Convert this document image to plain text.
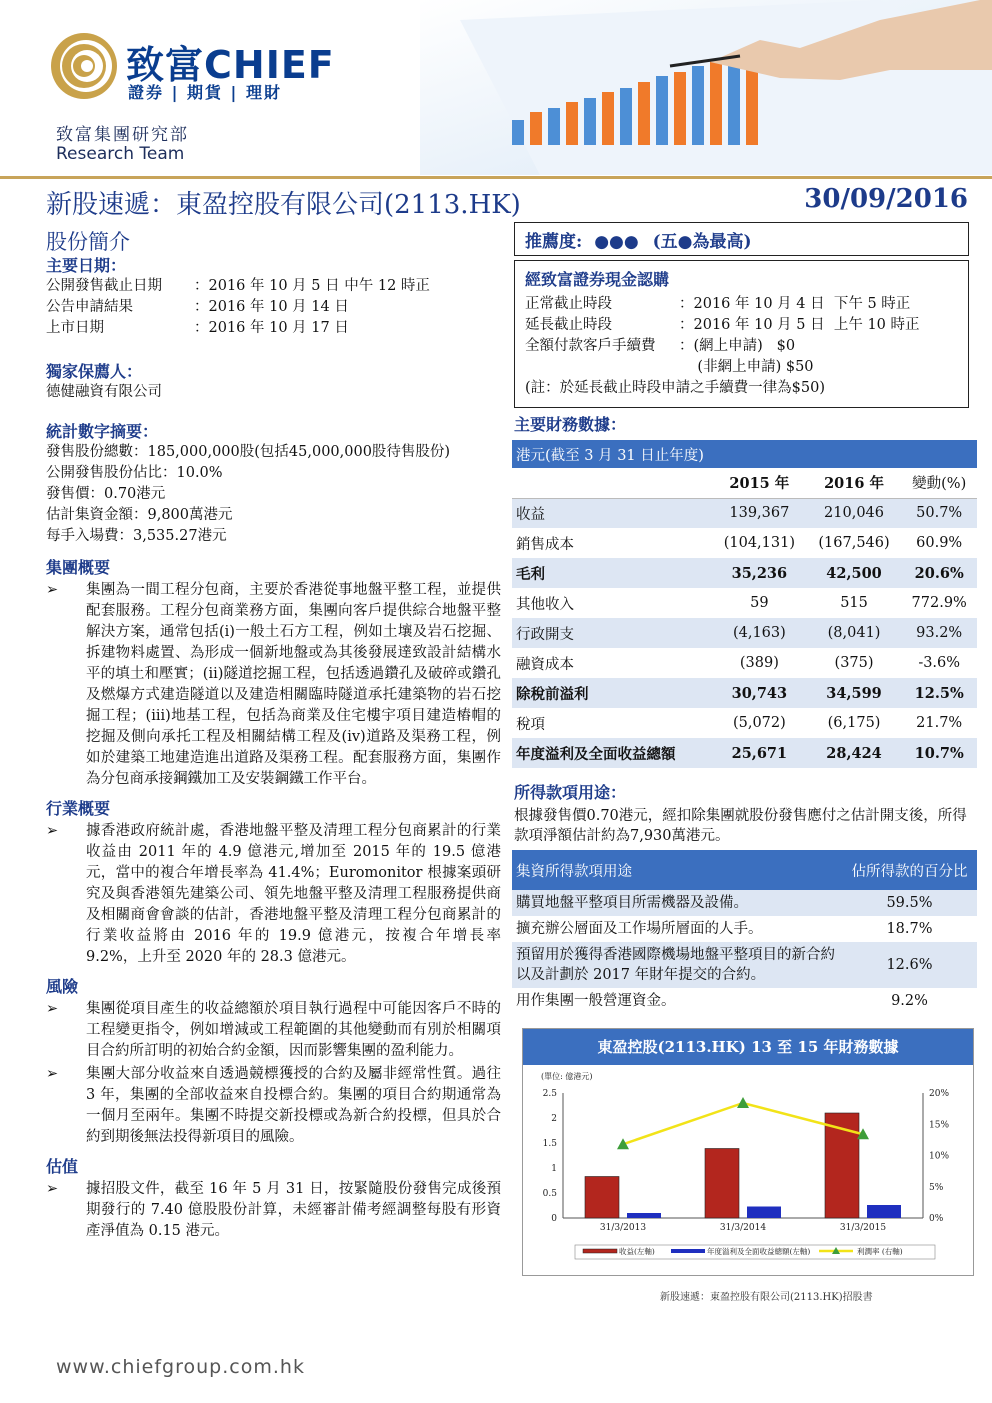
致富CHIEF
證券 | 期貨 | 理財
致富集團研究部
Research Team
新股速遞：東盈控股有限公司(2113.HK)	30/09/2016
股份簡介
主要日期：
公開發售截止日期	：2016 年 10 月 5 日 中午 12 時正
公告申請結果	：2016 年 10 月 14 日
上市日期	：2016 年 10 月 17 日
獨家保薦人：
德健融資有限公司
統計數字摘要：
發售股份總數：185,000,000股(包括45,000,000股待售股份)
公開發售股份佔比：10.0%
發售價：0.70港元
估計集資金額：9,800萬港元
每手入場費：3,535.27港元
集團概要
➢	集團為一間工程分包商，主要於香港從事地盤平整工程，並提供配套服務。工程分包商業務方面，集團向客戶提供綜合地盤平整解決方案，通常包括(i)一般土石方工程，例如土壤及岩石挖掘、拆建物料處置、為形成一個新地盤或為其後發展達致設計結構水平的填土和壓實；(ii)隧道挖掘工程，包括透過鑽孔及破碎或鑽孔及燃爆方式建造隧道以及建造相關臨時隧道承托建築物的岩石挖掘工程；(iii)地基工程，包括為商業及住宅樓宇項目建造樁帽的挖掘及側向承托工程及相關結構工程及(iv)道路及渠務工程，例如於建築工地建造進出道路及渠務工程。配套服務方面，集團作為分包商承接鋼鐵加工及安裝鋼鐵工作平台。
行業概要
➢	據香港政府統計處，香港地盤平整及清理工程分包商累計的行業收益由 2011 年的 4.9 億港元,增加至 2015 年的 19.5 億港元，當中的複合年增長率為 41.4%；Euromonitor 根據案頭研究及與香港領先建築公司、領先地盤平整及清理工程服務提供商及相關商會會談的估計，香港地盤平整及清理工程分包商累計的行業收益將由 2016 年的 19.9 億港元，按複合年增長率 9.2%，上升至 2020 年的 28.3 億港元。
風險
➢	集團從項目產生的收益總額於項目執行過程中可能因客戶不時的工程變更指令，例如增減或工程範圍的其他變動而有別於相關項目合約所訂明的初始合約金額，因而影響集團的盈利能力。
➢	集團大部分收益來自透過競標獲授的合約及屬非經常性質。過往 3 年，集團的全部收益來自投標合約。集團的項目合約期通常為一個月至兩年。集團不時提交新投標或為新合約投標，但具於合約到期後無法投得新項目的風險。
估值
➢	據招股文件，截至 16 年 5 月 31 日，按緊隨股份發售完成後預期發行的 7.40 億股股份計算，未經審計備考經調整每股有形資產淨值為 0.15 港元。
推薦度: ●●● (五●為最高)
經致富證券現金認購
正常截止時段	：2016 年 10 月 4 日  下午 5 時正
延長截止時段	：2016 年 10 月 5 日  上午 10 時正
全額付款客戶手續費	：(網上申請)   $0
(非網上申請) $50
(註：於延長截止時段申請之手續費一律為$50)
主要財務數據：
港元(截至 3 月 31 日止年度)			
	2015 年	2016 年	變動(%)
收益	139,367	210,046	50.7%
銷售成本	(104,131)	(167,546)	60.9%
毛利	35,236	42,500	20.6%
其他收入	59	515	772.9%
行政開支	(4,163)	(8,041)	93.2%
融資成本	(389)	(375)	-3.6%
除稅前溢利	30,743	34,599	12.5%
稅項	(5,072)	(6,175)	21.7%
年度溢利及全面收益總額	25,671	28,424	10.7%
所得款項用途：
根據發售價0.70港元，經扣除集團就股份發售應付之估計開支後，所得款項淨額估計約為7,930萬港元。
集資所得款項用途	佔所得款的百分比
購買地盤平整項目所需機器及設備。	59.5%
擴充辦公層面及工作場所層面的人手。	18.7%
預留用於獲得香港國際機場地盤平整項目的新合約以及計劃於 2017 年財年提交的合約。	12.6%
用作集團一般營運資金。	9.2%
東盈控股(2113.HK) 13 至 15 年財務數據
(單位: 億港元)
0
0.5
1
1.5
2
2.5
0%
5%
10%
15%
20%
31/3/2013	31/3/2014	31/3/2015
收益(左軸)	年度溢利及全面收益總額(左軸)	利潤率 (右軸)
新股速遞：東盈控股有限公司(2113.HK)招股書
www.chiefgroup.com.hk
